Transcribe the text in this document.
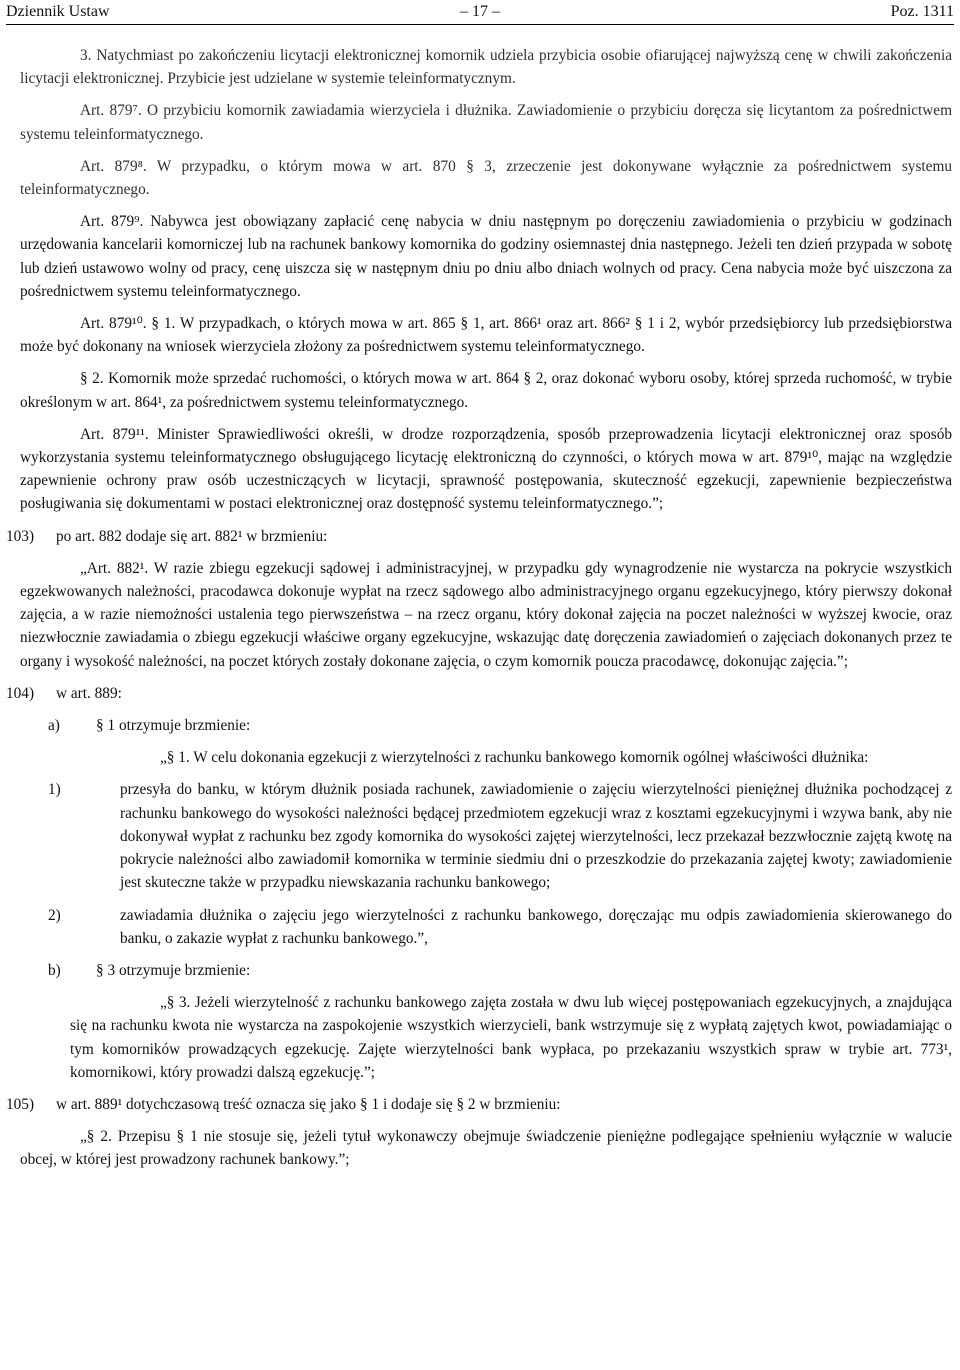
Dziennik Ustaw	– 17 –	Poz. 1311

3. Natychmiast po zakończeniu licytacji elektronicznej komornik udziela przybicia osobie ofiarującej najwyższą cenę w chwili zakończenia licytacji elektronicznej. Przybicie jest udzielane w systemie teleinformatycznym.

Art. 879⁷. O przybiciu komornik zawiadamia wierzyciela i dłużnika. Zawiadomienie o przybiciu doręcza się licytantom za pośrednictwem systemu teleinformatycznego.

Art. 879⁸. W przypadku, o którym mowa w art. 870 § 3, zrzeczenie jest dokonywane wyłącznie za pośrednictwem systemu teleinformatycznego.

Art. 879⁹. Nabywca jest obowiązany zapłacić cenę nabycia w dniu następnym po doręczeniu zawiadomienia o przybiciu w godzinach urzędowania kancelarii komorniczej lub na rachunek bankowy komornika do godziny osiemnastej dnia następnego. Jeżeli ten dzień przypada w sobotę lub dzień ustawowo wolny od pracy, cenę uiszcza się w następnym dniu po dniu albo dniach wolnych od pracy. Cena nabycia może być uiszczona za pośrednictwem systemu teleinformatycznego.

Art. 879¹⁰. § 1. W przypadkach, o których mowa w art. 865 § 1, art. 866¹ oraz art. 866² § 1 i 2, wybór przedsiębiorcy lub przedsiębiorstwa może być dokonany na wniosek wierzyciela złożony za pośrednictwem systemu teleinformatycznego.

§ 2. Komornik może sprzedać ruchomości, o których mowa w art. 864 § 2, oraz dokonać wyboru osoby, której sprzeda ruchomość, w trybie określonym w art. 864¹, za pośrednictwem systemu teleinformatycznego.

Art. 879¹¹. Minister Sprawiedliwości określi, w drodze rozporządzenia, sposób przeprowadzenia licytacji elektronicznej oraz sposób wykorzystania systemu teleinformatycznego obsługującego licytację elektroniczną do czynności, o których mowa w art. 879¹⁰, mając na względzie zapewnienie ochrony praw osób uczestniczących w licytacji, sprawność postępowania, skuteczność egzekucji, zapewnienie bezpieczeństwa posługiwania się dokumentami w postaci elektronicznej oraz dostępność systemu teleinformatycznego.”;

103)	po art. 882 dodaje się art. 882¹ w brzmieniu:

„Art. 882¹. W razie zbiegu egzekucji sądowej i administracyjnej, w przypadku gdy wynagrodzenie nie wystarcza na pokrycie wszystkich egzekwowanych należności, pracodawca dokonuje wypłat na rzecz sądowego albo administracyjnego organu egzekucyjnego, który pierwszy dokonał zajęcia, a w razie niemożności ustalenia tego pierwszeństwa – na rzecz organu, który dokonał zajęcia na poczet należności w wyższej kwocie, oraz niezwłocznie zawiadamia o zbiegu egzekucji właściwe organy egzekucyjne, wskazując datę doręczenia zawiadomień o zajęciach dokonanych przez te organy i wysokość należności, na poczet których zostały dokonane zajęcia, o czym komornik poucza pracodawcę, dokonując zajęcia.”;

104)	w art. 889:
a)	§ 1 otrzymuje brzmienie:

„§ 1. W celu dokonania egzekucji z wierzytelności z rachunku bankowego komornik ogólnej właściwości dłużnika:

1)	przesyła do banku, w którym dłużnik posiada rachunek, zawiadomienie o zajęciu wierzytelności pieniężnej dłużnika pochodzącej z rachunku bankowego do wysokości należności będącej przedmiotem egzekucji wraz z kosztami egzekucyjnymi i wzywa bank, aby nie dokonywał wypłat z rachunku bez zgody komornika do wysokości zajętej wierzytelności, lecz przekazał bezzwłocznie zajętą kwotę na pokrycie należności albo zawiadomił komornika w terminie siedmiu dni o przeszkodzie do przekazania zajętej kwoty; zawiadomienie jest skuteczne także w przypadku niewskazania rachunku bankowego;
2)	zawiadamia dłużnika o zajęciu jego wierzytelności z rachunku bankowego, doręczając mu odpis zawiadomienia skierowanego do banku, o zakazie wypłat z rachunku bankowego.”,
b)	§ 3 otrzymuje brzmienie:

„§ 3. Jeżeli wierzytelność z rachunku bankowego zajęta została w dwu lub więcej postępowaniach egzekucyjnych, a znajdująca się na rachunku kwota nie wystarcza na zaspokojenie wszystkich wierzycieli, bank wstrzymuje się z wypłatą zajętych kwot, powiadamiając o tym komorników prowadzących egzekucję. Zajęte wierzytelności bank wypłaca, po przekazaniu wszystkich spraw w trybie art. 773¹, komornikowi, który prowadzi dalszą egzekucję.”;

105)	w art. 889¹ dotychczasową treść oznacza się jako § 1 i dodaje się § 2 w brzmieniu:

„§ 2. Przepisu § 1 nie stosuje się, jeżeli tytuł wykonawczy obejmuje świadczenie pieniężne podlegające spełnieniu wyłącznie w walucie obcej, w której jest prowadzony rachunek bankowy.”;
